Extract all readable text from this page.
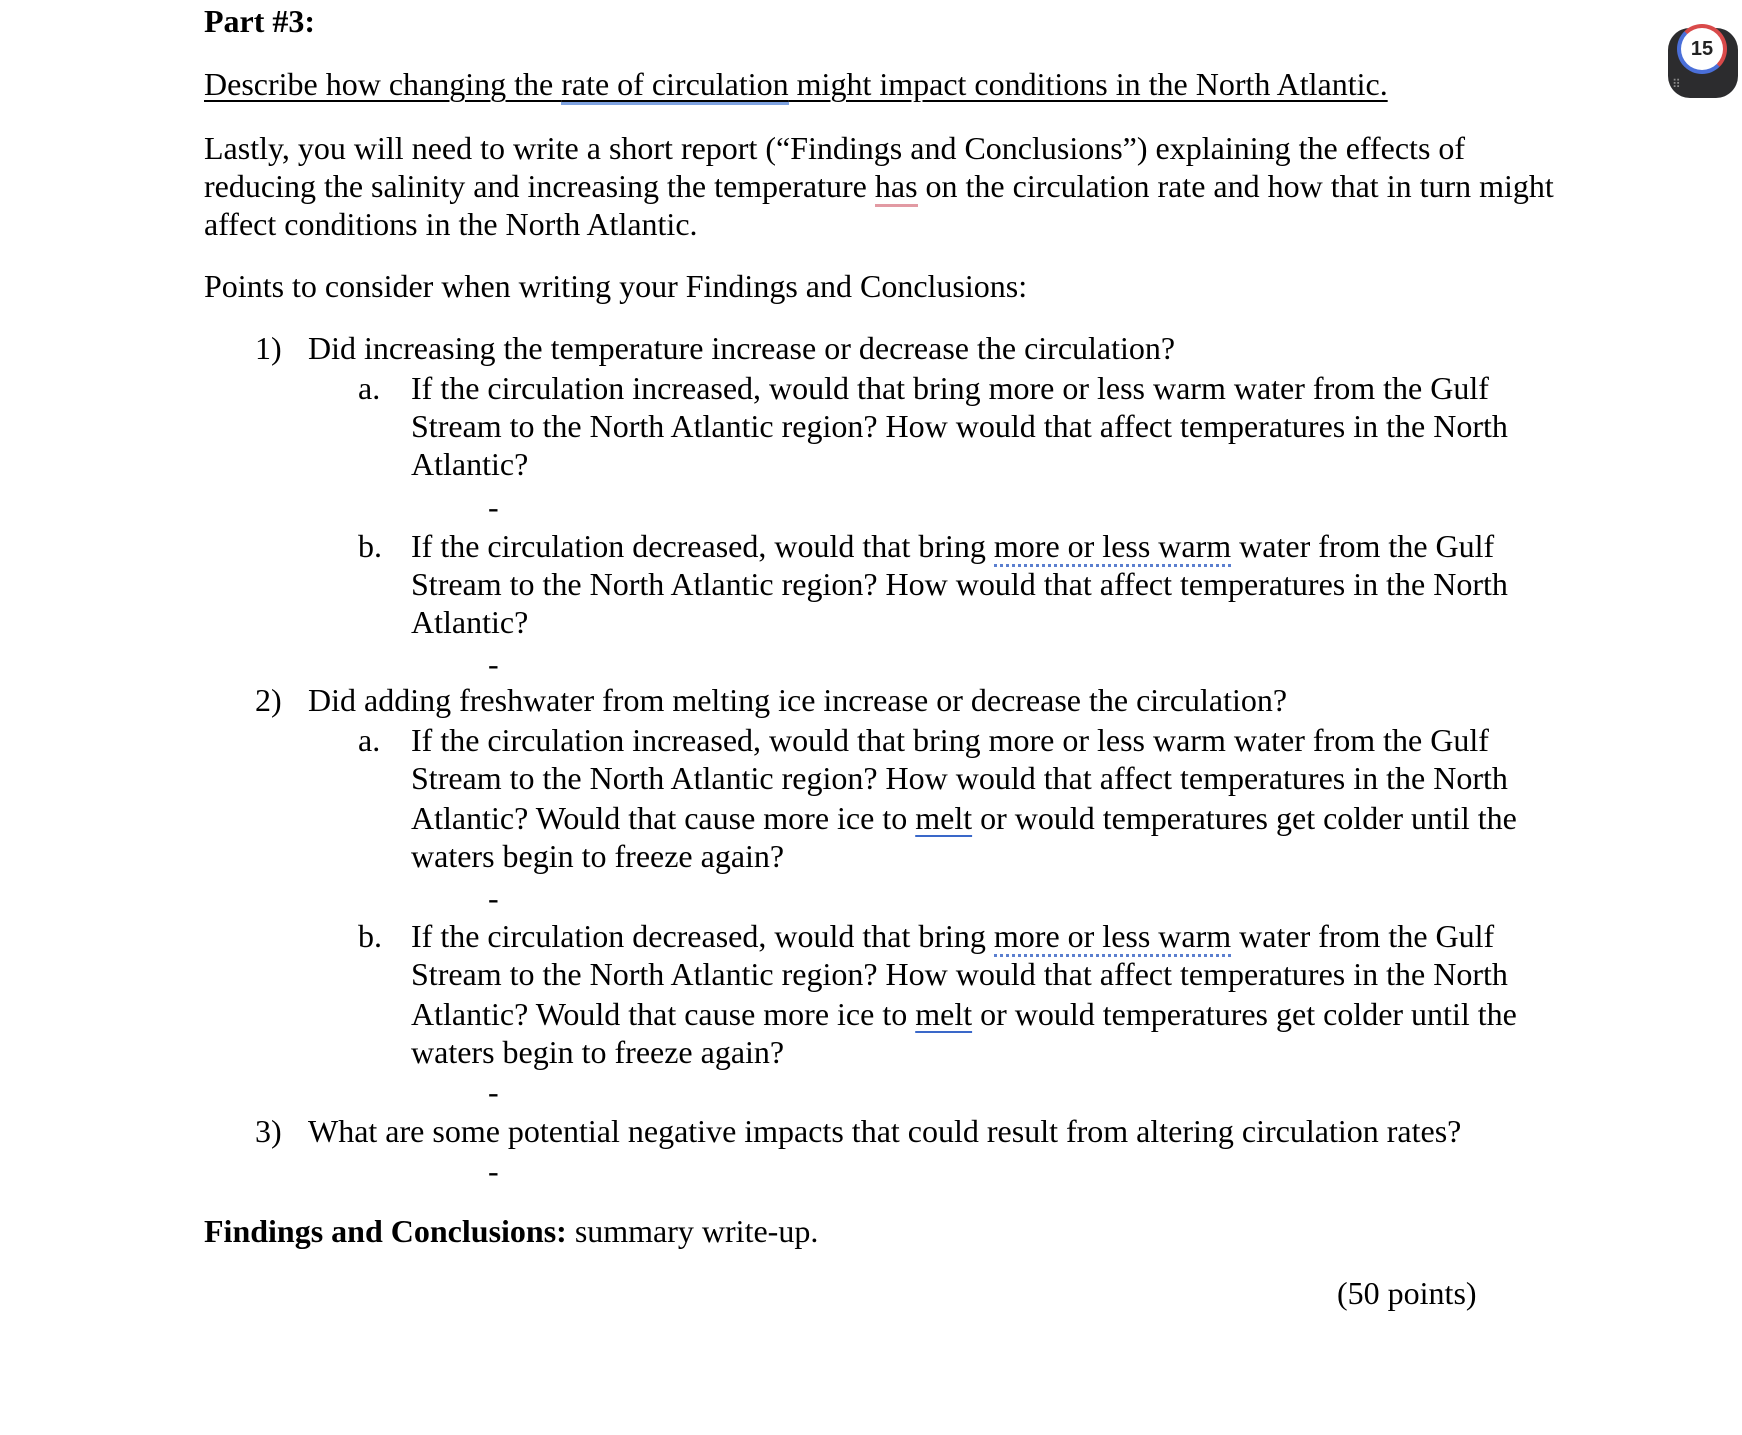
Part #3:
Describe how changing the rate of circulation might impact conditions in the North Atlantic.
Lastly, you will need to write a short report (“Findings and Conclusions”) explaining the effects of
reducing the salinity and increasing the temperature has on the circulation rate and how that in turn might
affect conditions in the North Atlantic.
Points to consider when writing your Findings and Conclusions:
1) Did increasing the temperature increase or decrease the circulation?
a. If the circulation increased, would that bring more or less warm water from the Gulf
Stream to the North Atlantic region? How would that affect temperatures in the North
Atlantic?
-
b. If the circulation decreased, would that bring more or less warm water from the Gulf
Stream to the North Atlantic region? How would that affect temperatures in the North
Atlantic?
-
2) Did adding freshwater from melting ice increase or decrease the circulation?
a. If the circulation increased, would that bring more or less warm water from the Gulf
Stream to the North Atlantic region? How would that affect temperatures in the North
Atlantic? Would that cause more ice to melt or would temperatures get colder until the
waters begin to freeze again?
-
b. If the circulation decreased, would that bring more or less warm water from the Gulf
Stream to the North Atlantic region? How would that affect temperatures in the North
Atlantic? Would that cause more ice to melt or would temperatures get colder until the
waters begin to freeze again?
-
3) What are some potential negative impacts that could result from altering circulation rates?
-
Findings and Conclusions: summary write-up.
(50 points)
15
⠿
